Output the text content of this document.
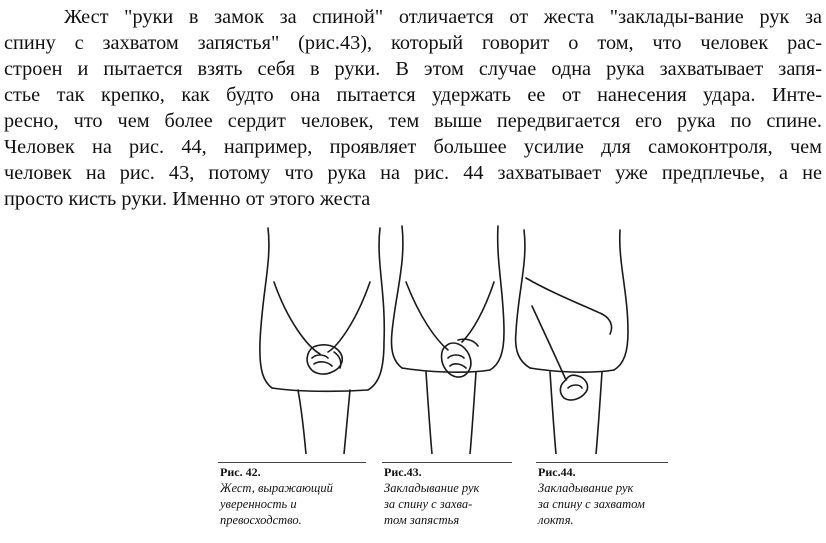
Жест "руки в замок за спиной" отличается от жеста "заклады-вание рук за
спину с захватом запястья" (рис.43), который говорит о том, что человек рас-
строен и пытается взять себя в руки. В этом случае одна рука захватывает запя-
стье так крепко, как будто она пытается удержать ее от нанесения удара. Инте-
ресно, что чем более сердит человек, тем выше передвигается его рука по спине.
Человек на рис. 44, например, проявляет большее усилие для самоконтроля, чем
человек на рис. 43, потому что рука на рис. 44 захватывает уже предплечье, а не
просто кисть руки. Именно от этого жеста

Рис. 42.
Жест, выражающий
уверенность и
превосходство.
Рис.43.
Закладывание рук
за спину с захва-
том запястья
Рис.44.
Закладывание рук
за спину с захватом
локтя.
